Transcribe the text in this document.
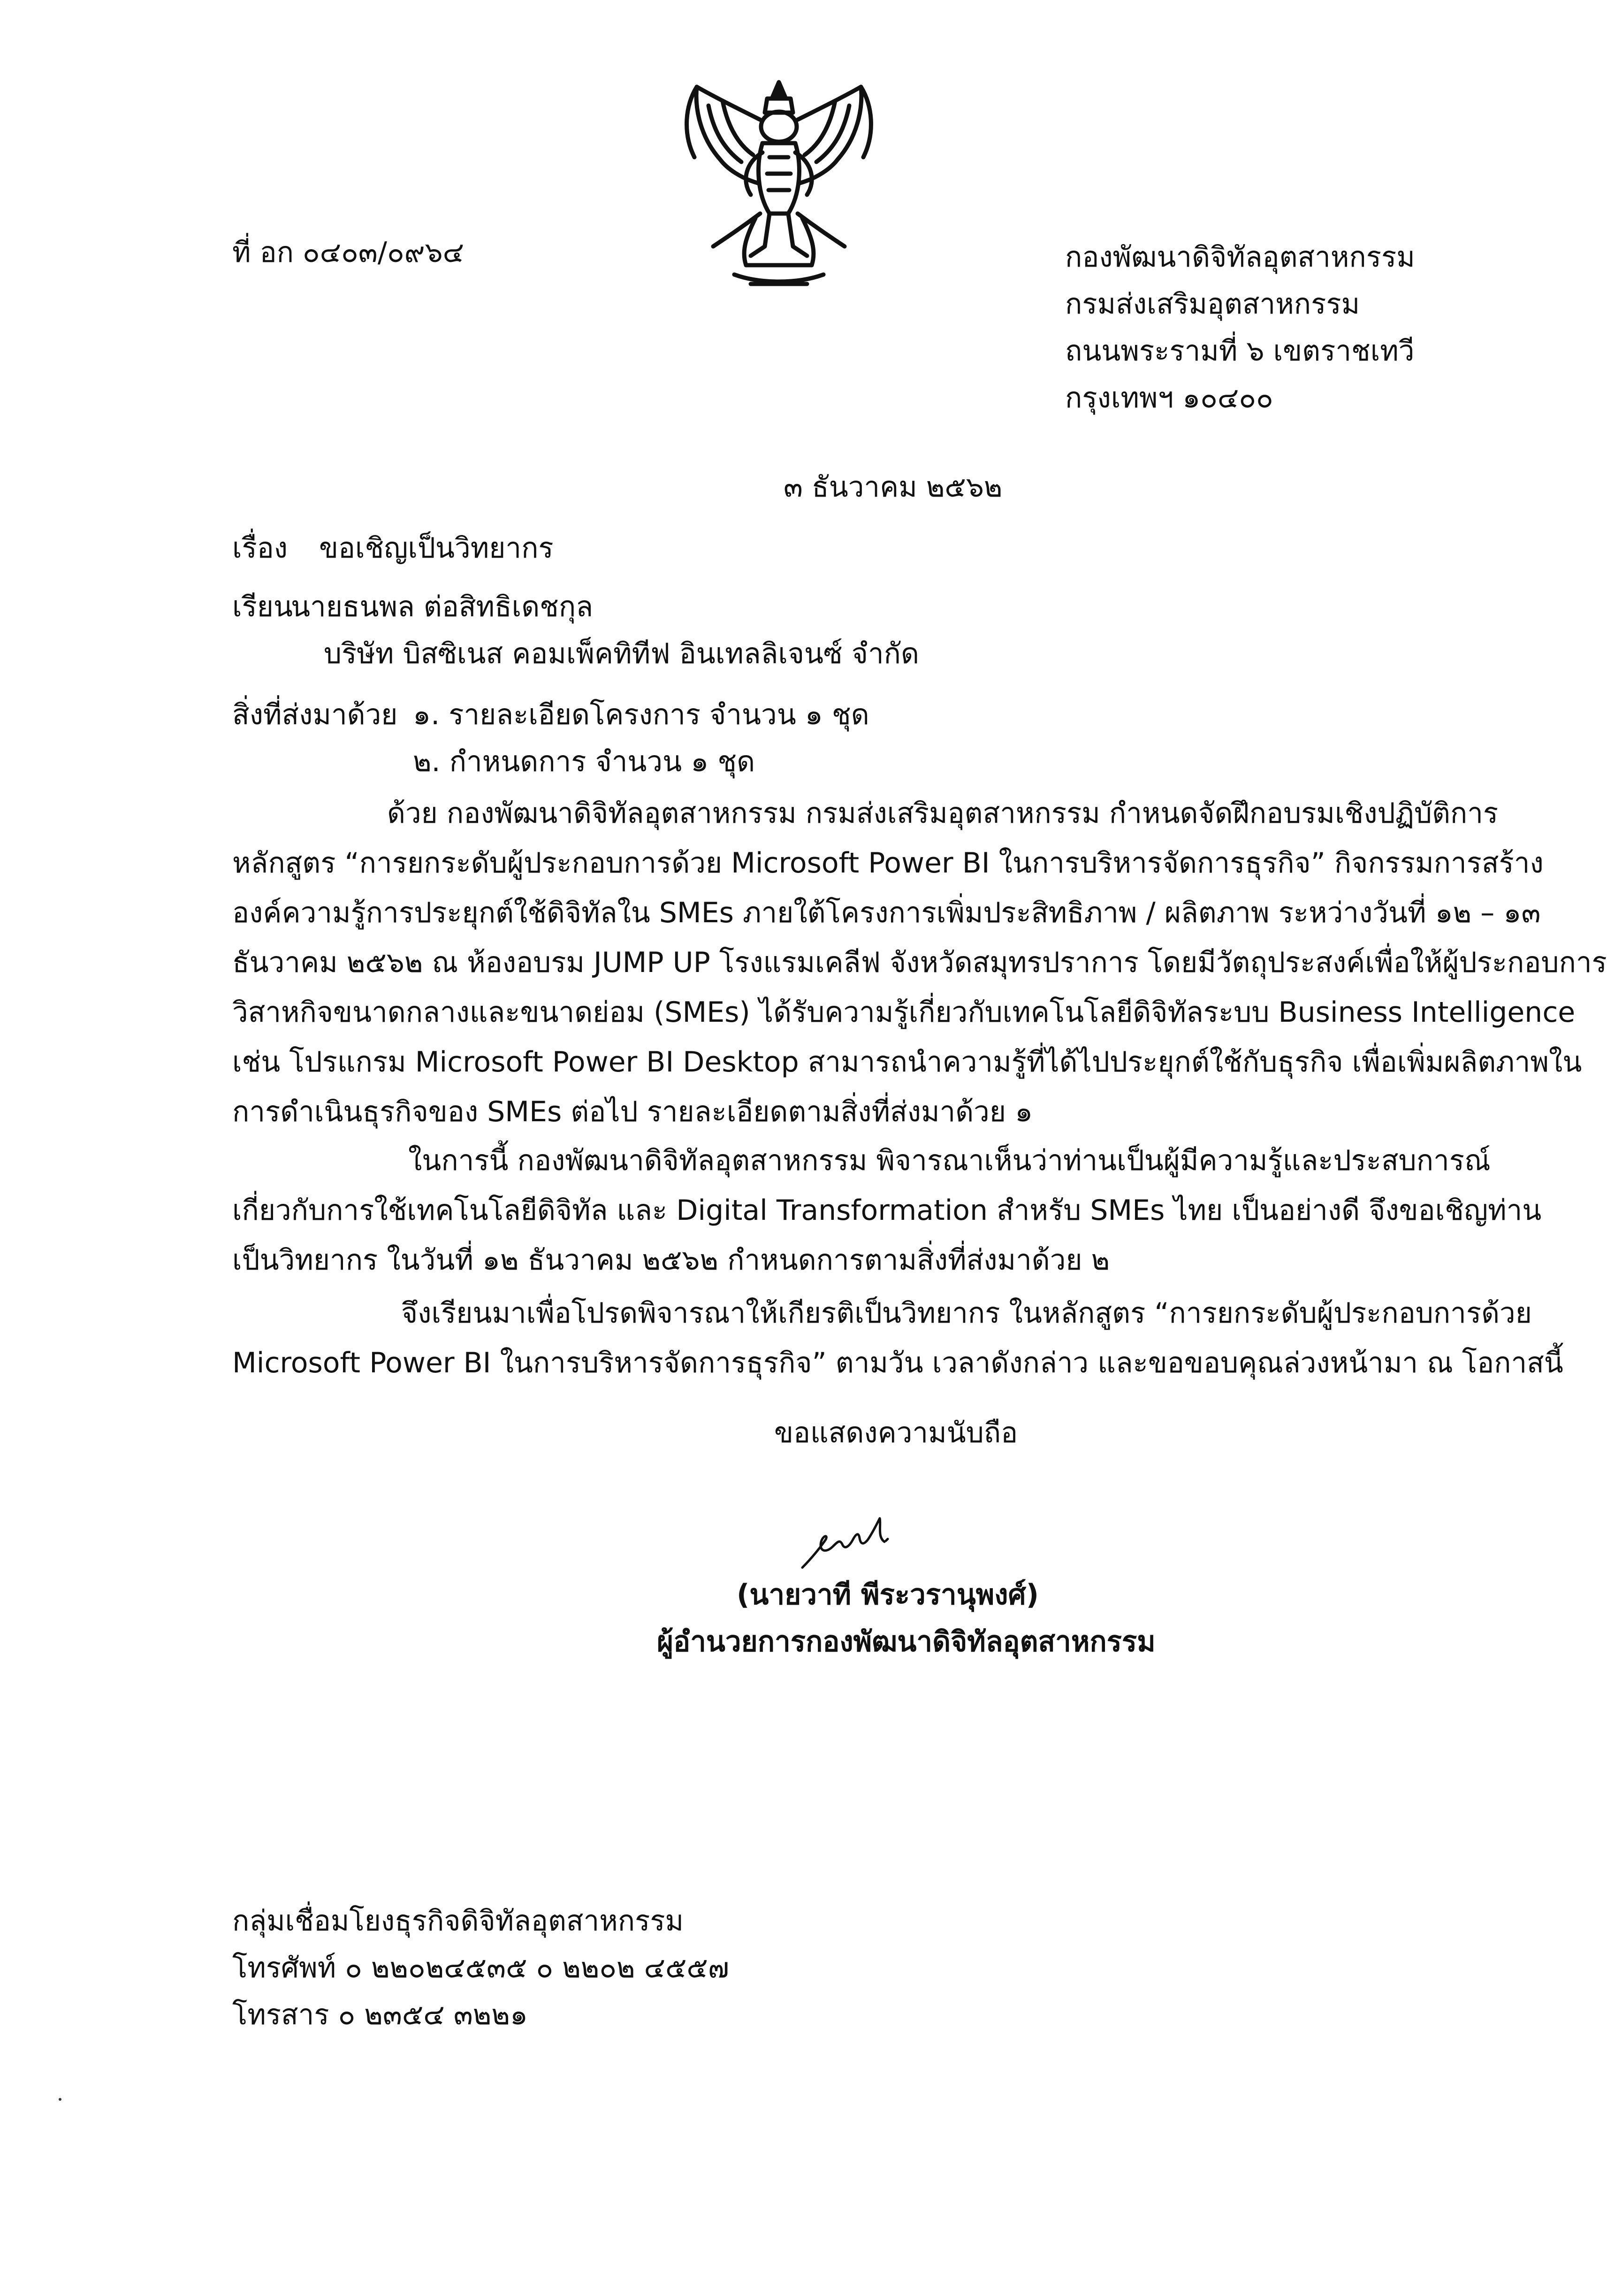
ที่ อก ๐๔๐๓/๐๙๖๔	กองพัฒนาดิจิทัลอุตสาหกรรม
กรมส่งเสริมอุตสาหกรรม
ถนนพระรามที่ ๖ เขตราชเทวี
กรุงเทพฯ ๑๐๔๐๐
๓ ธันวาคม ๒๕๖๒
เรื่อง ขอเชิญเป็นวิทยากร
เรียน
นายธนพล ต่อสิทธิเดชกุล
บริษัท บิสซิเนส คอมเพ็คทิทีฟ อินเทลลิเจนซ์ จำกัด
สิ่งที่ส่งมาด้วย ๑. รายละเอียดโครงการ จำนวน ๑ ชุด
๒. กำหนดการ จำนวน ๑ ชุด
ด้วย กองพัฒนาดิจิทัลอุตสาหกรรม กรมส่งเสริมอุตสาหกรรม กำหนดจัดฝึกอบรมเชิงปฏิบัติการ
หลักสูตร “การยกระดับผู้ประกอบการด้วย Microsoft Power BI ในการบริหารจัดการธุรกิจ” กิจกรรมการสร้าง
องค์ความรู้การประยุกต์ใช้ดิจิทัลใน SMEs ภายใต้โครงการเพิ่มประสิทธิภาพ / ผลิตภาพ ระหว่างวันที่ ๑๒ – ๑๓
ธันวาคม ๒๕๖๒ ณ ห้องอบรม JUMP UP โรงแรมเคลีฟ จังหวัดสมุทรปราการ โดยมีวัตถุประสงค์เพื่อให้ผู้ประกอบการ
วิสาหกิจขนาดกลางและขนาดย่อม (SMEs) ได้รับความรู้เกี่ยวกับเทคโนโลยีดิจิทัลระบบ Business Intelligence
เช่น โปรแกรม Microsoft Power BI Desktop สามารถนำความรู้ที่ได้ไปประยุกต์ใช้กับธุรกิจ เพื่อเพิ่มผลิตภาพใน
การดำเนินธุรกิจของ SMEs ต่อไป รายละเอียดตามสิ่งที่ส่งมาด้วย ๑
ในการนี้ กองพัฒนาดิจิทัลอุตสาหกรรม พิจารณาเห็นว่าท่านเป็นผู้มีความรู้และประสบการณ์
เกี่ยวกับการใช้เทคโนโลยีดิจิทัล และ Digital Transformation สำหรับ SMEs ไทย เป็นอย่างดี จึงขอเชิญท่าน
เป็นวิทยากร ในวันที่ ๑๒ ธันวาคม ๒๕๖๒ กำหนดการตามสิ่งที่ส่งมาด้วย ๒
จึงเรียนมาเพื่อโปรดพิจารณาให้เกียรติเป็นวิทยากร ในหลักสูตร “การยกระดับผู้ประกอบการด้วย
Microsoft Power BI ในการบริหารจัดการธุรกิจ” ตามวัน เวลาดังกล่าว และขอขอบคุณล่วงหน้ามา ณ โอกาสนี้
ขอแสดงความนับถือ
(นายวาที พีระวรานุพงศ์)
ผู้อำนวยการกองพัฒนาดิจิทัลอุตสาหกรรม
กลุ่มเชื่อมโยงธุรกิจดิจิทัลอุตสาหกรรม
โทรศัพท์ ๐ ๒๒๐๒๔๕๓๕ ๐ ๒๒๐๒ ๔๕๕๗
โทรสาร ๐ ๒๓๕๔ ๓๒๒๑
